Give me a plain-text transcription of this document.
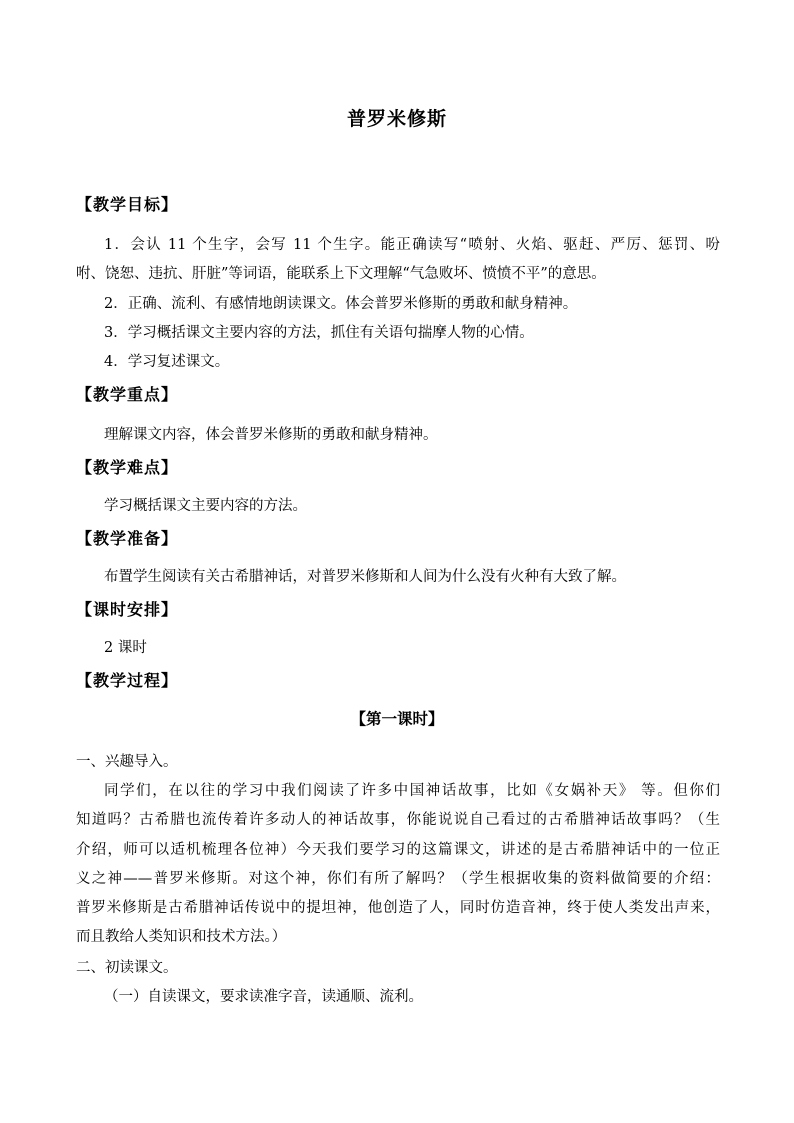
普罗米修斯
【教学目标】
1．会认 11 个生字，会写 11 个生字。能正确读写“喷射、火焰、驱赶、严厉、惩罚、吩
咐、饶恕、违抗、肝脏”等词语，能联系上下文理解“气急败坏、愤愤不平”的意思。
2．正确、流利、有感情地朗读课文。体会普罗米修斯的勇敢和献身精神。
3．学习概括课文主要内容的方法，抓住有关语句揣摩人物的心情。
4．学习复述课文。
【教学重点】
理解课文内容，体会普罗米修斯的勇敢和献身精神。
【教学难点】
学习概括课文主要内容的方法。
【教学准备】
布置学生阅读有关古希腊神话，对普罗米修斯和人间为什么没有火种有大致了解。
【课时安排】
2 课时
【教学过程】
【第一课时】
一、兴趣导入。
同学们，在以往的学习中我们阅读了许多中国神话故事，比如《女娲补天》 等。但你们
知道吗？古希腊也流传着许多动人的神话故事，你能说说自己看过的古希腊神话故事吗？（生
介绍，师可以适机梳理各位神）今天我们要学习的这篇课文，讲述的是古希腊神话中的一位正
义之神——普罗米修斯。对这个神，你们有所了解吗？（学生根据收集的资料做简要的介绍：
普罗米修斯是古希腊神话传说中的提坦神，他创造了人，同时仿造音神，终于使人类发出声来，
而且教给人类知识和技术方法。）
二、初读课文。
（一）自读课文，要求读准字音，读通顺、流利。
